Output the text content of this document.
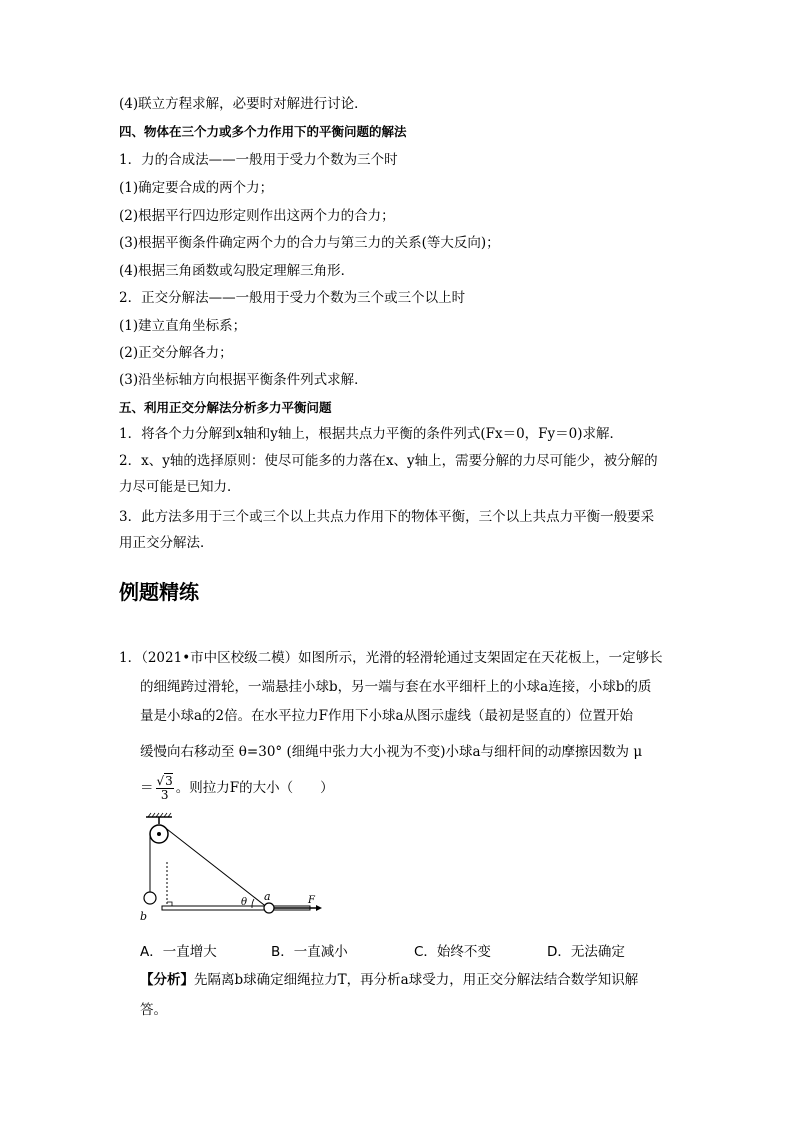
(4)联立方程求解，必要时对解进行讨论．
四、物体在三个力或多个力作用下的平衡问题的解法
1．力的合成法——一般用于受力个数为三个时
(1)确定要合成的两个力；
(2)根据平行四边形定则作出这两个力的合力；
(3)根据平衡条件确定两个力的合力与第三力的关系(等大反向)；
(4)根据三角函数或勾股定理解三角形．
2．正交分解法——一般用于受力个数为三个或三个以上时
(1)建立直角坐标系；
(2)正交分解各力；
(3)沿坐标轴方向根据平衡条件列式求解．
五、利用正交分解法分析多力平衡问题
1．将各个力分解到x轴和y轴上，根据共点力平衡的条件列式(Fx＝0，Fy＝0)求解．
2．x、y轴的选择原则：使尽可能多的力落在x、y轴上，需要分解的力尽可能少，被分解的
力尽可能是已知力．
3．此方法多用于三个或三个以上共点力作用下的物体平衡，三个以上共点力平衡一般要采
用正交分解法．
例题精练
1．（2021•市中区校级二模）如图所示，光滑的轻滑轮通过支架固定在天花板上，一定够长
的细绳跨过滑轮，一端悬挂小球b，另一端与套在水平细杆上的小球a连接，小球b的质
量是小球a的2倍。在水平拉力F作用下小球a从图示虚线（最初是竖直的）位置开始
缓慢向右移动至 θ=30° (细绳中张力大小视为不变)小球a与细杆间的动摩擦因数为 μ
＝ $\frac{√3}{3}$ 。则拉力F的大小（　　）
b
a
θ	F
A．一直增大	B．一直减小	C．始终不变	D．无法确定
【分析】先隔离b球确定细绳拉力T，再分析a球受力，用正交分解法结合数学知识解
答。
